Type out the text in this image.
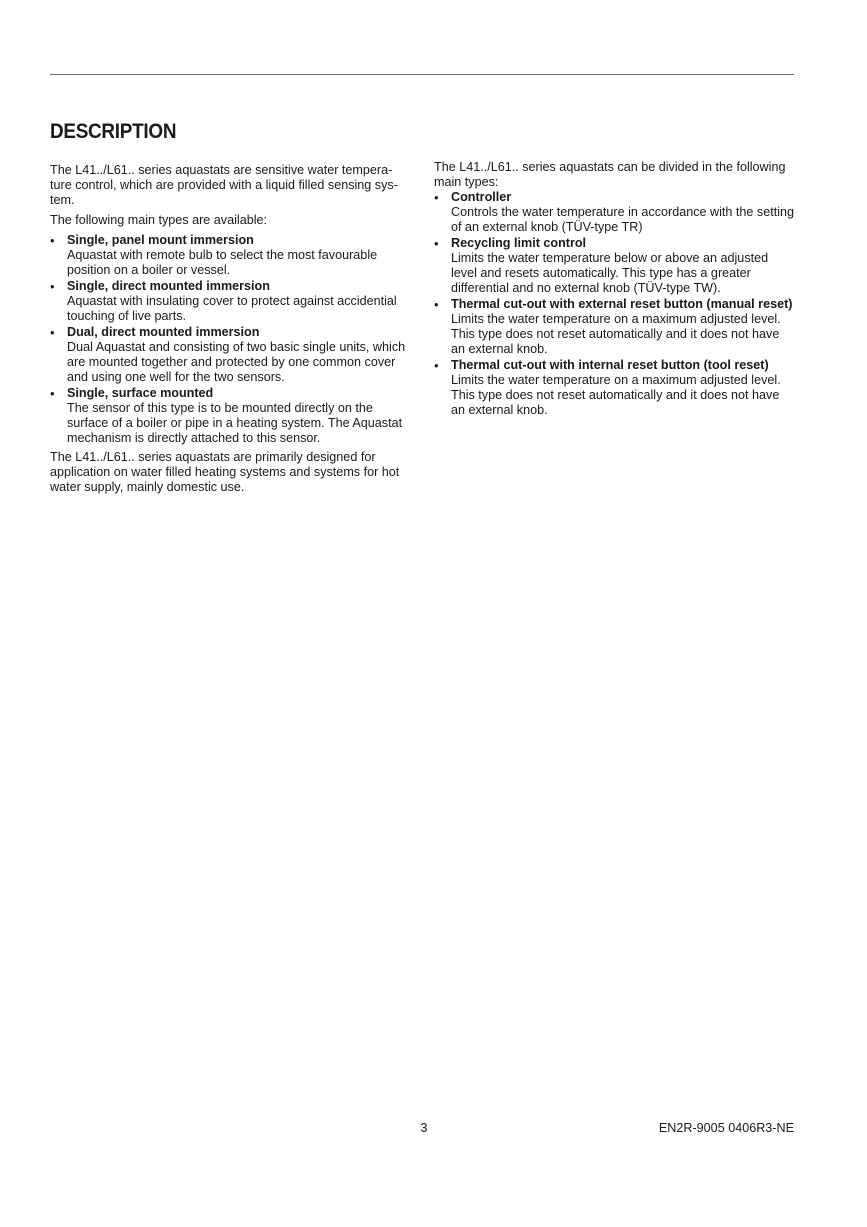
DESCRIPTION

The L41../L61.. series aquastats are sensitive water tempera-ture control, which are provided with a liquid filled sensing sys-tem.

The following main types are available:

• Single, panel mount immersion
Aquastat with remote bulb to select the most favourable position on a boiler or vessel.
• Single, direct mounted immersion
Aquastat with insulating cover to protect against accidential touching of live parts.
• Dual, direct mounted immersion
Dual Aquastat and consisting of two basic single units, which are mounted together and protected by one common cover and using one well for the two sensors.
• Single, surface mounted
The sensor of this type is to be mounted directly on the surface of a boiler or pipe in a heating system. The Aquastat mechanism is directly attached to this sensor.

The L41../L61.. series aquastats are primarily designed for application on water filled heating systems and systems for hot water supply, mainly domestic use.

The L41../L61.. series aquastats can be divided in the following main types:

• Controller
Controls the water temperature in accordance with the setting of an external knob (TÜV-type TR)
• Recycling limit control
Limits the water temperature below or above an adjusted level and resets automatically. This type has a greater differential and no external knob (TÜV-type TW).
• Thermal cut-out with external reset button (manual reset)
Limits the water temperature on a maximum adjusted level. This type does not reset automatically and it does not have an external knob.
• Thermal cut-out with internal reset button (tool reset)
Limits the water temperature on a maximum adjusted level. This type does not reset automatically and it does not have an external knob.
3	EN2R-9005 0406R3-NE
